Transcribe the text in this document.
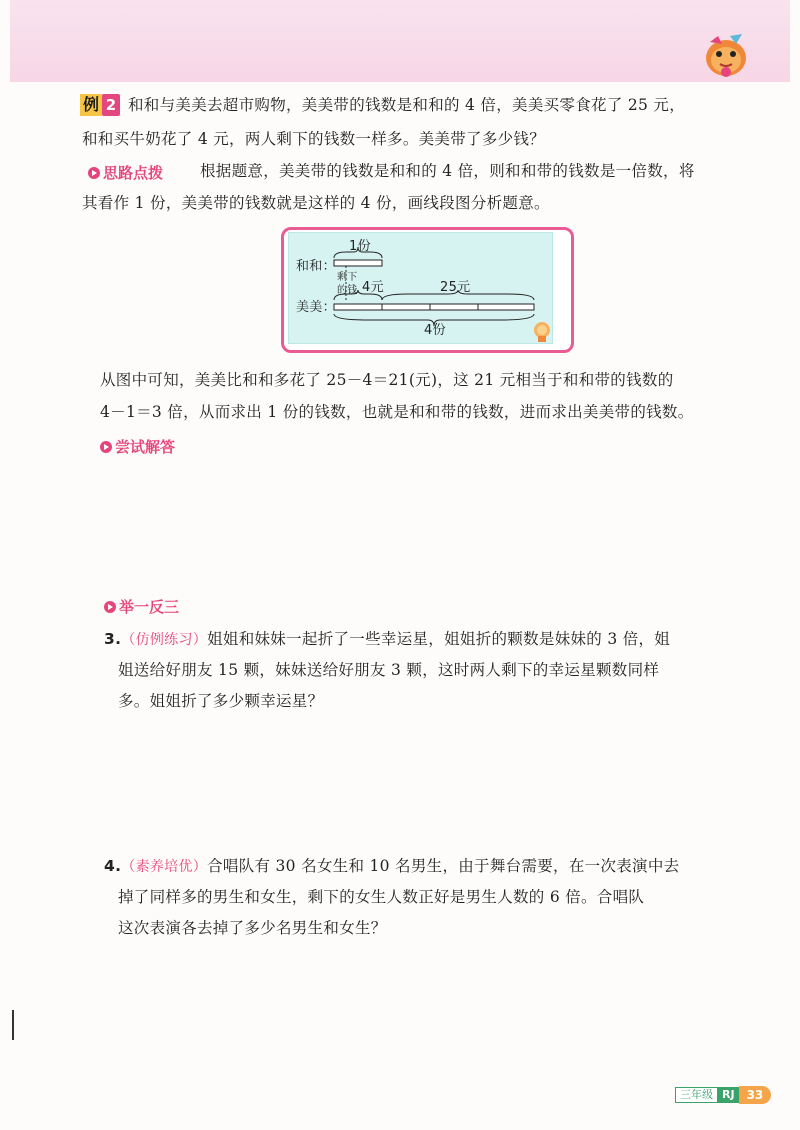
例 2 和和与美美去超市购物，美美带的钱数是和和的 4 倍，美美买零食花了 25 元，
和和买牛奶花了 4 元，两人剩下的钱数一样多。美美带了多少钱？
思路点拨 根据题意，美美带的钱数是和和的 4 倍，则和和带的钱数是一倍数，将
其看作 1 份，美美带的钱数就是这样的 4 份，画线段图分析题意。
和和：
美美：
1份
剩下
的钱 4元	25元
4份
从图中可知，美美比和和多花了 25－4＝21(元)，这 21 元相当于和和带的钱数的
4－1＝3 倍，从而求出 1 份的钱数，也就是和和带的钱数，进而求出美美带的钱数。
尝试解答
举一反三
3.（仿例练习）姐姐和妹妹一起折了一些幸运星，姐姐折的颗数是妹妹的 3 倍，姐
姐送给好朋友 15 颗，妹妹送给好朋友 3 颗，这时两人剩下的幸运星颗数同样
多。姐姐折了多少颗幸运星？
4.（素养培优）合唱队有 30 名女生和 10 名男生，由于舞台需要，在一次表演中去
掉了同样多的男生和女生，剩下的女生人数正好是男生人数的 6 倍。合唱队
这次表演各去掉了多少名男生和女生？
三年级 RJ	33
